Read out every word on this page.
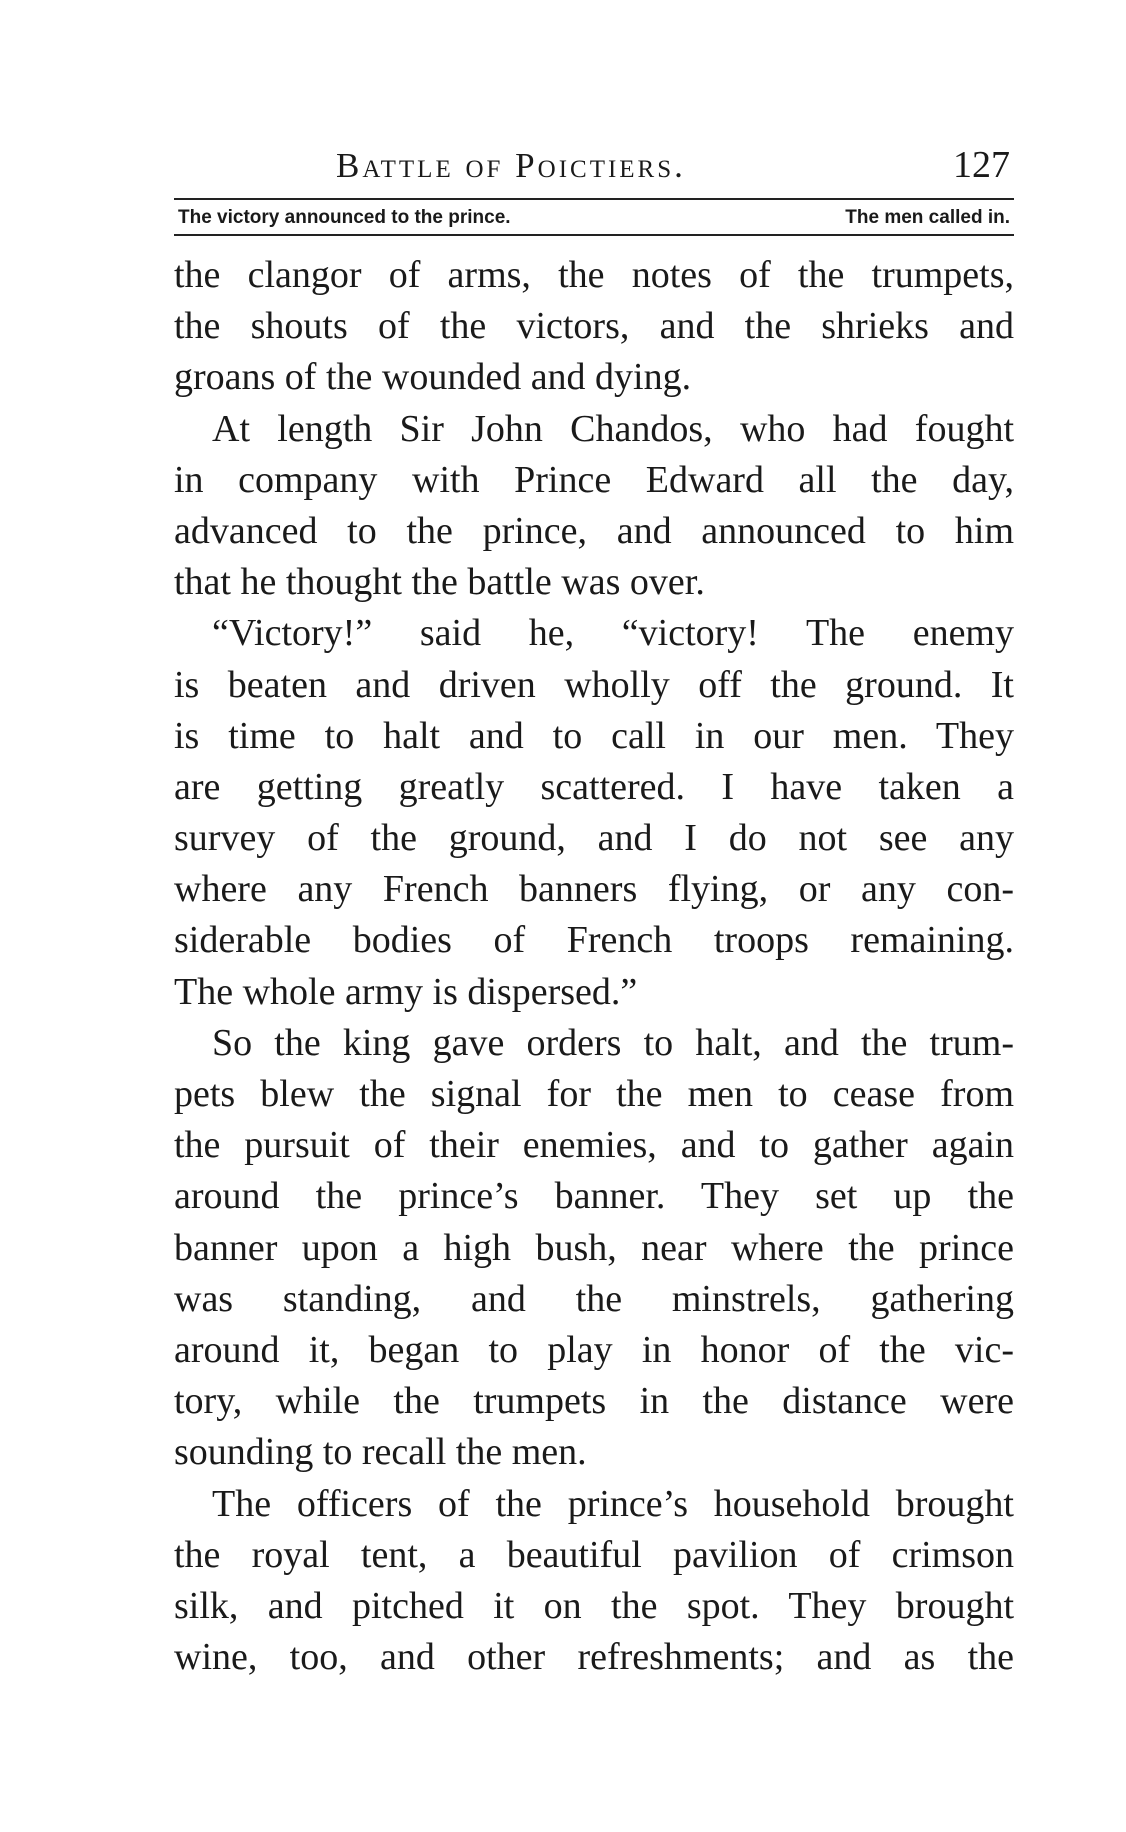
Battle of Poictiers.	127
The victory announced to the prince.	The men called in.
the clangor of arms, the notes of the trumpets,
the shouts of the victors, and the shrieks and
groans of the wounded and dying.
At length Sir John Chandos, who had fought
in company with Prince Edward all the day,
advanced to the prince, and announced to him
that he thought the battle was over.
“Victory!” said he, “victory! The enemy
is beaten and driven wholly off the ground. It
is time to halt and to call in our men. They
are getting greatly scattered. I have taken a
survey of the ground, and I do not see any
where any French banners flying, or any con-
siderable bodies of French troops remaining.
The whole army is dispersed.”
So the king gave orders to halt, and the trum-
pets blew the signal for the men to cease from
the pursuit of their enemies, and to gather again
around the prince’s banner. They set up the
banner upon a high bush, near where the prince
was standing, and the minstrels, gathering
around it, began to play in honor of the vic-
tory, while the trumpets in the distance were
sounding to recall the men.
The officers of the prince’s household brought
the royal tent, a beautiful pavilion of crimson
silk, and pitched it on the spot. They brought
wine, too, and other refreshments; and as the
